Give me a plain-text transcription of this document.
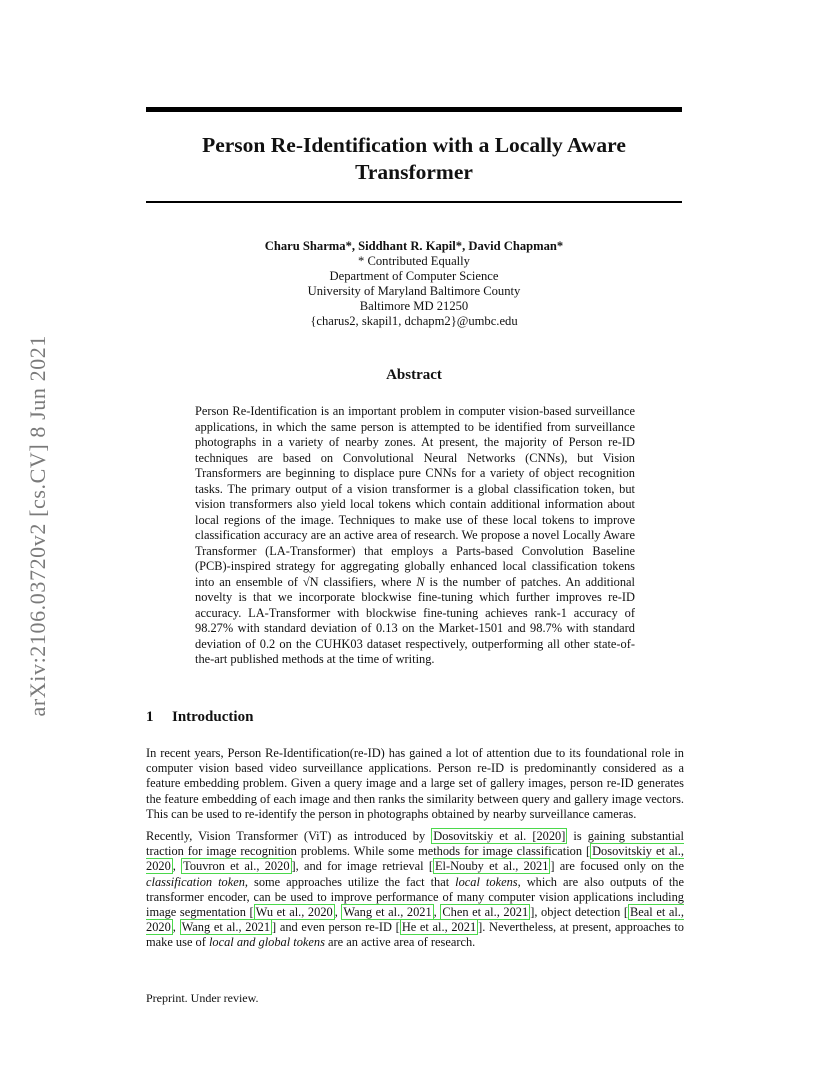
arXiv:2106.03720v2 [cs.CV] 8 Jun 2021
Person Re-Identification with a Locally Aware
Transformer
Charu Sharma*, Siddhant R. Kapil*, David Chapman*
* Contributed Equally
Department of Computer Science
University of Maryland Baltimore County
Baltimore MD 21250
{charus2, skapil1, dchapm2}@umbc.edu
Abstract

Person Re-Identification is an important problem in computer vision-based surveillance applications, in which the same person is attempted to be identified from surveillance photographs in a variety of nearby zones. At present, the majority of Person re-ID techniques are based on Convolutional Neural Networks (CNNs), but Vision Transformers are beginning to displace pure CNNs for a variety of object recognition tasks. The primary output of a vision transformer is a global classification token, but vision transformers also yield local tokens which contain additional information about local regions of the image. Techniques to make use of these local tokens to improve classification accuracy are an active area of research. We propose a novel Locally Aware Transformer (LA-Transformer) that employs a Parts-based Convolution Baseline (PCB)-inspired strategy for aggregating globally enhanced local classification tokens into an ensemble of √N classifiers, where N is the number of patches. An additional novelty is that we incorporate blockwise fine-tuning which further improves re-ID accuracy. LA-Transformer with blockwise fine-tuning achieves rank-1 accuracy of 98.27% with standard deviation of 0.13 on the Market-1501 and 98.7% with standard deviation of 0.2 on the CUHK03 dataset respectively, outperforming all other state-of-the-art published methods at the time of writing.

1 Introduction

In recent years, Person Re-Identification(re-ID) has gained a lot of attention due to its foundational role in computer vision based video surveillance applications. Person re-ID is predominantly considered as a feature embedding problem. Given a query image and a large set of gallery images, person re-ID generates the feature embedding of each image and then ranks the similarity between query and gallery image vectors. This can be used to re-identify the person in photographs obtained by nearby surveillance cameras.

Recently, Vision Transformer (ViT) as introduced by Dosovitskiy et al. [2020] is gaining substantial traction for image recognition problems. While some methods for image classification [ Dosovitskiy et al., 2020 , Touvron et al., 2020 ], and for image retrieval [ El-Nouby et al., 2021 ] are focused only on the classification token, some approaches utilize the fact that local tokens, which are also outputs of the transformer encoder, can be used to improve performance of many computer vision applications including image segmentation [ Wu et al., 2020 , Wang et al., 2021 , Chen et al., 2021 ], object detection [ Beal et al., 2020 , Wang et al., 2021 ] and even person re-ID [ He et al., 2021 ]. Nevertheless, at present, approaches to make use of local and global tokens are an active area of research.

Preprint. Under review.
